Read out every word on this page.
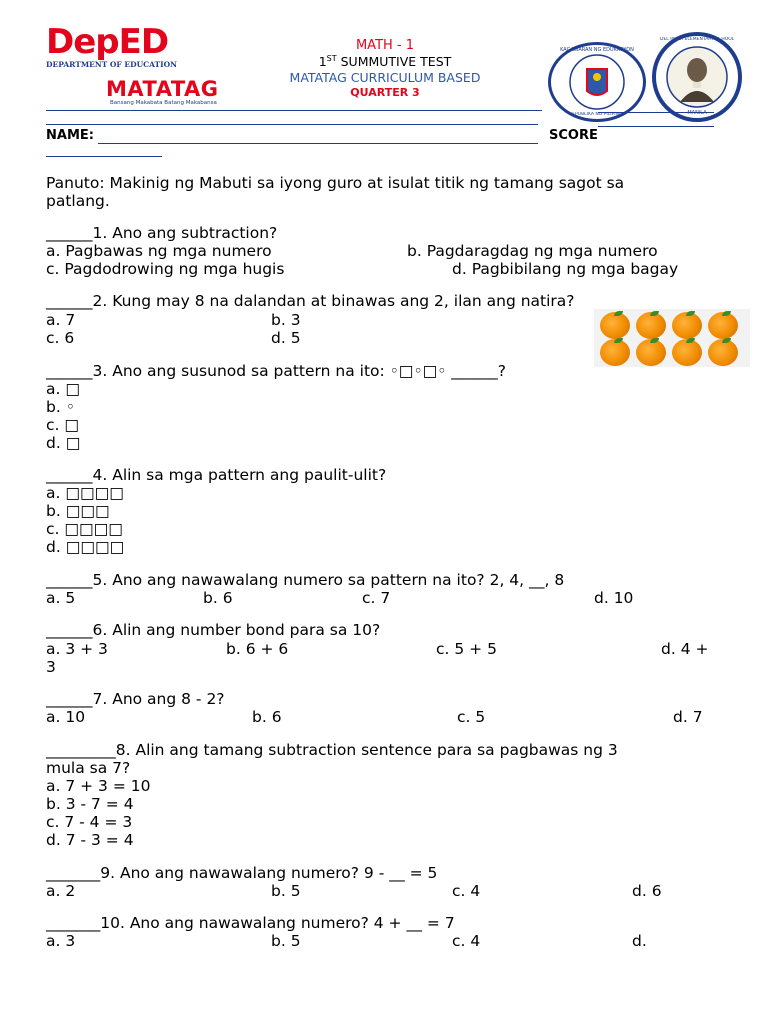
DepED
DEPARTMENT OF EDUCATION
MATATAG
Bansang Makabata Batang Makabansa
MATH - 1
1ST SUMMUTIVE TEST
MATATAG CURRICULUM BASED
QUARTER 3
KAGAWARAN NG EDUKASYON
REPUBLIKA NG PILIPINAS
DEL PILAR ELEMENTARY SCHOOL
MANILA
NAME:	SCORE
Panuto: Makinig ng Mabuti sa iyong guro at isulat titik ng tamang sagot sa
patlang.
______1. Ano ang subtraction?
a. Pagbawas ng mga numero	b. Pagdaragdag ng mga numero
c. Pagdodrowing ng mga hugis	d. Pagbibilang ng mga bagay
______2. Kung may 8 na dalandan at binawas ang 2, ilan ang natira?
a. 7	b. 3
c. 6	d. 5
______3. Ano ang susunod sa pattern na ito: ◦□◦□◦ ______?
a. □
b. ◦
c. □
d. □
______4. Alin sa mga pattern ang paulit-ulit?
a. □□□□
b. □□□
c. □□□□
d. □□□□
______5. Ano ang nawawalang numero sa pattern na ito? 2, 4, __, 8
a. 5	b. 6	c. 7	d. 10
______6. Alin ang number bond para sa 10?
a. 3 + 3	b. 6 + 6	c. 5 + 5	d. 4 +
3
______7. Ano ang 8 - 2?
a. 10	b. 6	c. 5	d. 7
_________8. Alin ang tamang subtraction sentence para sa pagbawas ng 3
mula sa 7?
a. 7 + 3 = 10
b. 3 - 7 = 4
c. 7 - 4 = 3
d. 7 - 3 = 4
_______9. Ano ang nawawalang numero? 9 - __ = 5
a. 2	b. 5	c. 4	d. 6
_______10. Ano ang nawawalang numero? 4 + __ = 7
a. 3	b. 5	c. 4	d.
